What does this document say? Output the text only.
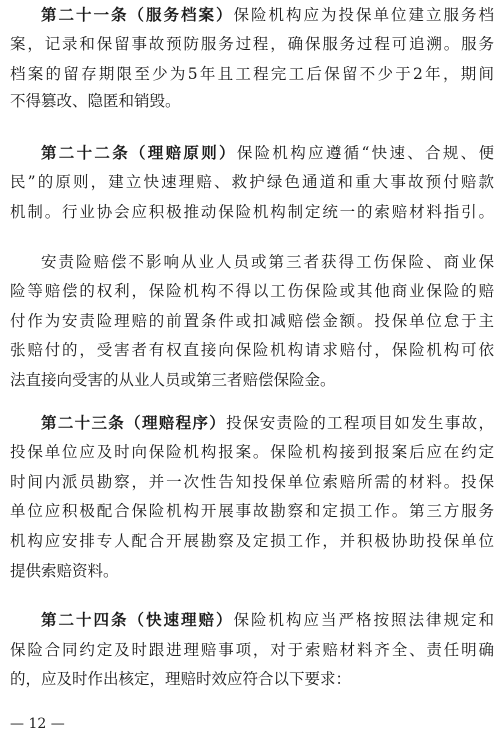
第二十一条（服务档案）保险机构应为投保单位建立服务档
案，记录和保留事故预防服务过程，确保服务过程可追溯。服务
档案的留存期限至少为5年且工程完工后保留不少于2年，期间
不得篡改、隐匿和销毁。
第二十二条（理赔原则）保险机构应遵循“快速、合规、便
民”的原则，建立快速理赔、救护绿色通道和重大事故预付赔款
机制。行业协会应积极推动保险机构制定统一的索赔材料指引。
安责险赔偿不影响从业人员或第三者获得工伤保险、商业保
险等赔偿的权利，保险机构不得以工伤保险或其他商业保险的赔
付作为安责险理赔的前置条件或扣减赔偿金额。投保单位怠于主
张赔付的，受害者有权直接向保险机构请求赔付，保险机构可依
法直接向受害的从业人员或第三者赔偿保险金。
第二十三条（理赔程序）投保安责险的工程项目如发生事故，
投保单位应及时向保险机构报案。保险机构接到报案后应在约定
时间内派员勘察，并一次性告知投保单位索赔所需的材料。投保
单位应积极配合保险机构开展事故勘察和定损工作。第三方服务
机构应安排专人配合开展勘察及定损工作，并积极协助投保单位
提供索赔资料。
第二十四条（快速理赔）保险机构应当严格按照法律规定和
保险合同约定及时跟进理赔事项，对于索赔材料齐全、责任明确
的，应及时作出核定，理赔时效应符合以下要求：
— 12 —
